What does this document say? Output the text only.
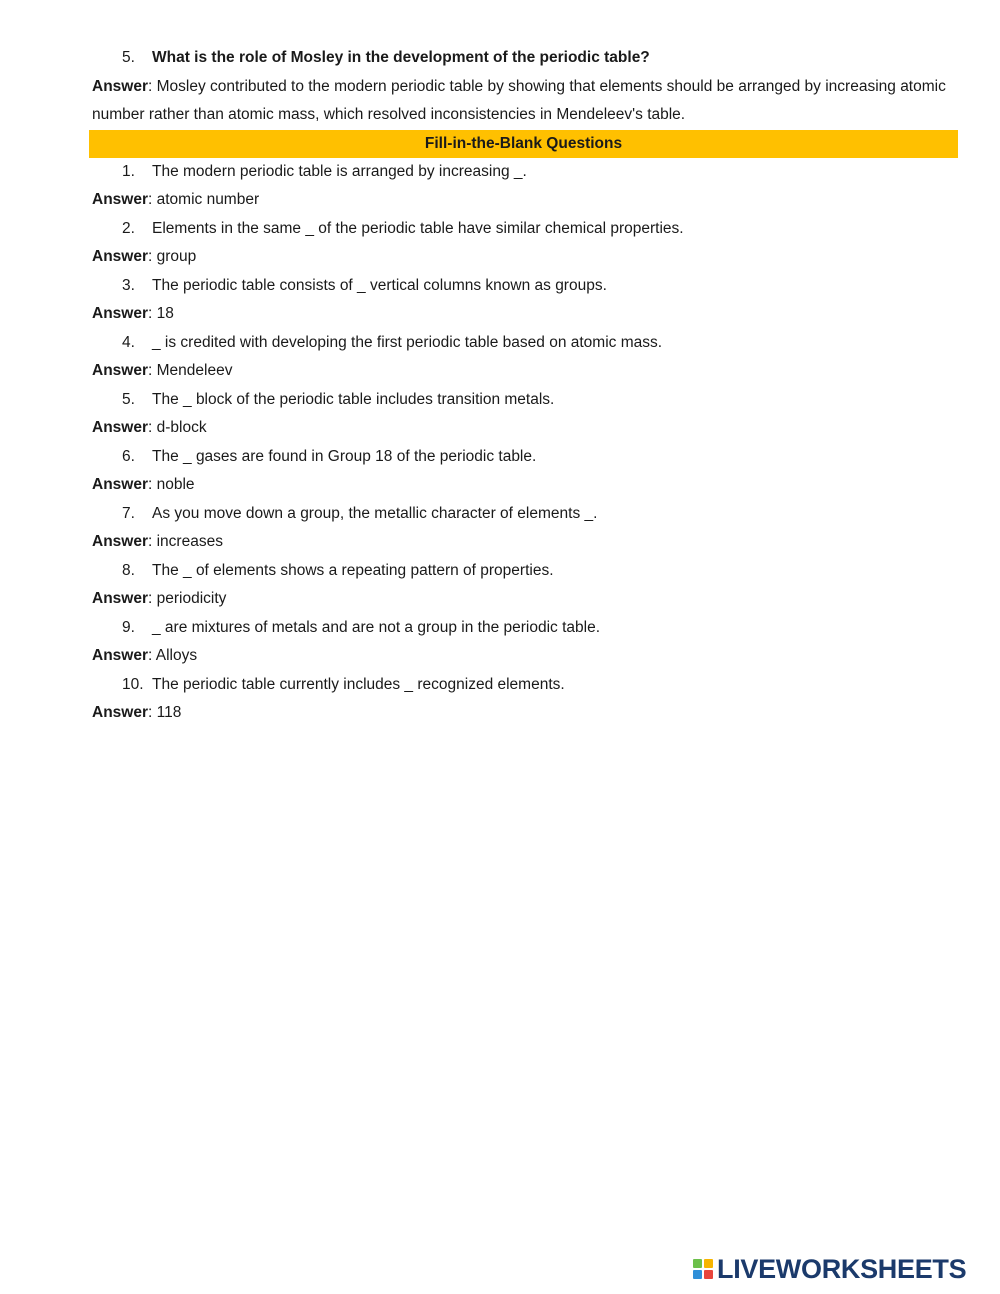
5.	What is the role of Mosley in the development of the periodic table?
Answer: Mosley contributed to the modern periodic table by showing that elements should be arranged by increasing atomic number rather than atomic mass, which resolved inconsistencies in Mendeleev's table.
Fill-in-the-Blank Questions
1.	The modern periodic table is arranged by increasing _.
Answer: atomic number
2.	Elements in the same _ of the periodic table have similar chemical properties.
Answer: group
3.	The periodic table consists of _ vertical columns known as groups.
Answer: 18
4.	_ is credited with developing the first periodic table based on atomic mass.
Answer: Mendeleev
5.	The _ block of the periodic table includes transition metals.
Answer: d-block
6.	The _ gases are found in Group 18 of the periodic table.
Answer: noble
7.	As you move down a group, the metallic character of elements _.
Answer: increases
8.	The _ of elements shows a repeating pattern of properties.
Answer: periodicity
9.	_ are mixtures of metals and are not a group in the periodic table.
Answer: Alloys
10. The periodic table currently includes _ recognized elements.
Answer: 118
LIVEWORKSHEETS
